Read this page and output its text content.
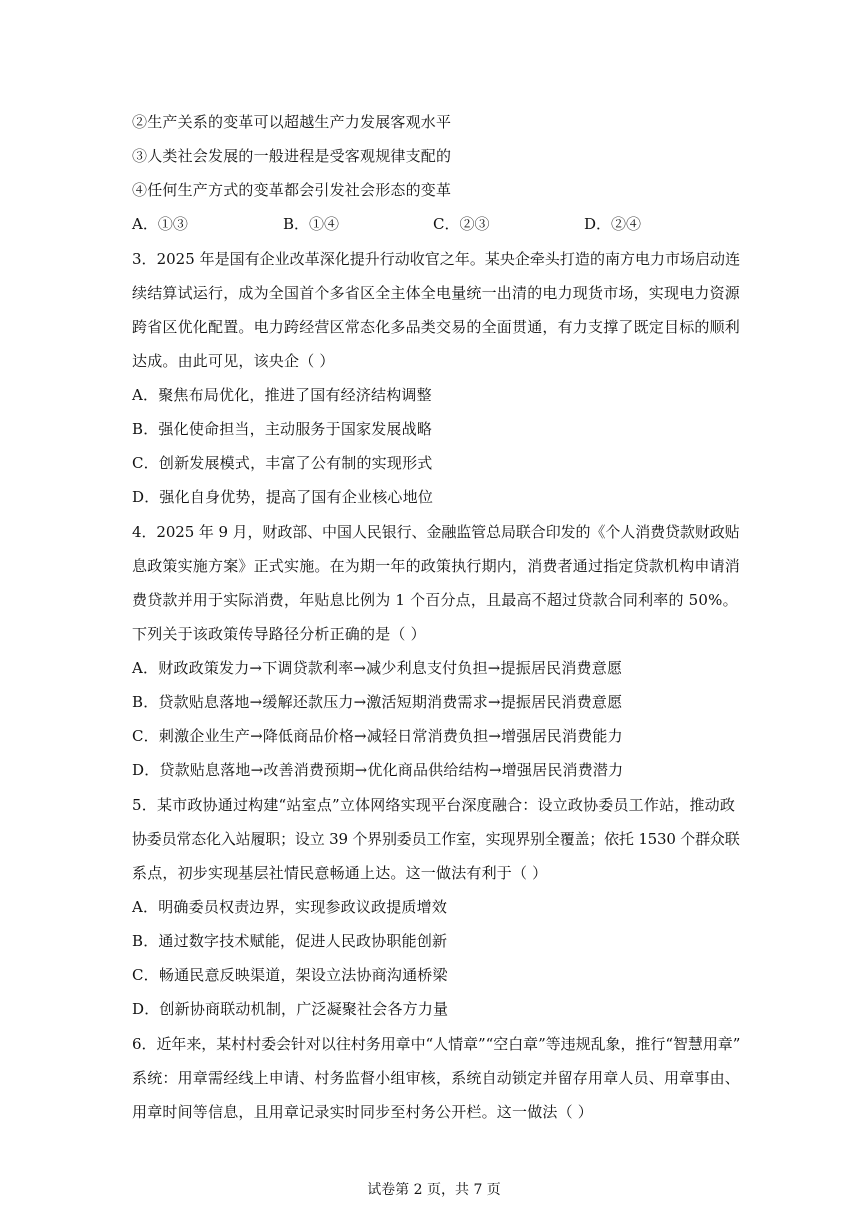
②生产关系的变革可以超越生产力发展客观水平
③人类社会发展的一般进程是受客观规律支配的
④任何生产方式的变革都会引发社会形态的变革
A．①③	B．①④	C．②③	D．②④
3．2025 年是国有企业改革深化提升行动收官之年。某央企牵头打造的南方电力市场启动连
续结算试运行，成为全国首个多省区全主体全电量统一出清的电力现货市场，实现电力资源
跨省区优化配置。电力跨经营区常态化多品类交易的全面贯通，有力支撑了既定目标的顺利
达成。由此可见，该央企（ ）
A．聚焦布局优化，推进了国有经济结构调整
B．强化使命担当，主动服务于国家发展战略
C．创新发展模式，丰富了公有制的实现形式
D．强化自身优势，提高了国有企业核心地位
4．2025 年 9 月，财政部、中国人民银行、金融监管总局联合印发的《个人消费贷款财政贴
息政策实施方案》正式实施。在为期一年的政策执行期内，消费者通过指定贷款机构申请消
费贷款并用于实际消费，年贴息比例为 1 个百分点，且最高不超过贷款合同利率的 50%。
下列关于该政策传导路径分析正确的是（ ）
A．财政政策发力→下调贷款利率→减少利息支付负担→提振居民消费意愿
B．贷款贴息落地→缓解还款压力→激活短期消费需求→提振居民消费意愿
C．刺激企业生产→降低商品价格→减轻日常消费负担→增强居民消费能力
D．贷款贴息落地→改善消费预期→优化商品供给结构→增强居民消费潜力
5．某市政协通过构建“站室点”立体网络实现平台深度融合：设立政协委员工作站，推动政
协委员常态化入站履职；设立 39 个界别委员工作室，实现界别全覆盖；依托 1530 个群众联
系点，初步实现基层社情民意畅通上达。这一做法有利于（ ）
A．明确委员权责边界，实现参政议政提质增效
B．通过数字技术赋能，促进人民政协职能创新
C．畅通民意反映渠道，架设立法协商沟通桥梁
D．创新协商联动机制，广泛凝聚社会各方力量
6．近年来，某村村委会针对以往村务用章中“人情章”“空白章”等违规乱象，推行“智慧用章”
系统：用章需经线上申请、村务监督小组审核，系统自动锁定并留存用章人员、用章事由、
用章时间等信息，且用章记录实时同步至村务公开栏。这一做法（ ）
试卷第 2 页，共 7 页
